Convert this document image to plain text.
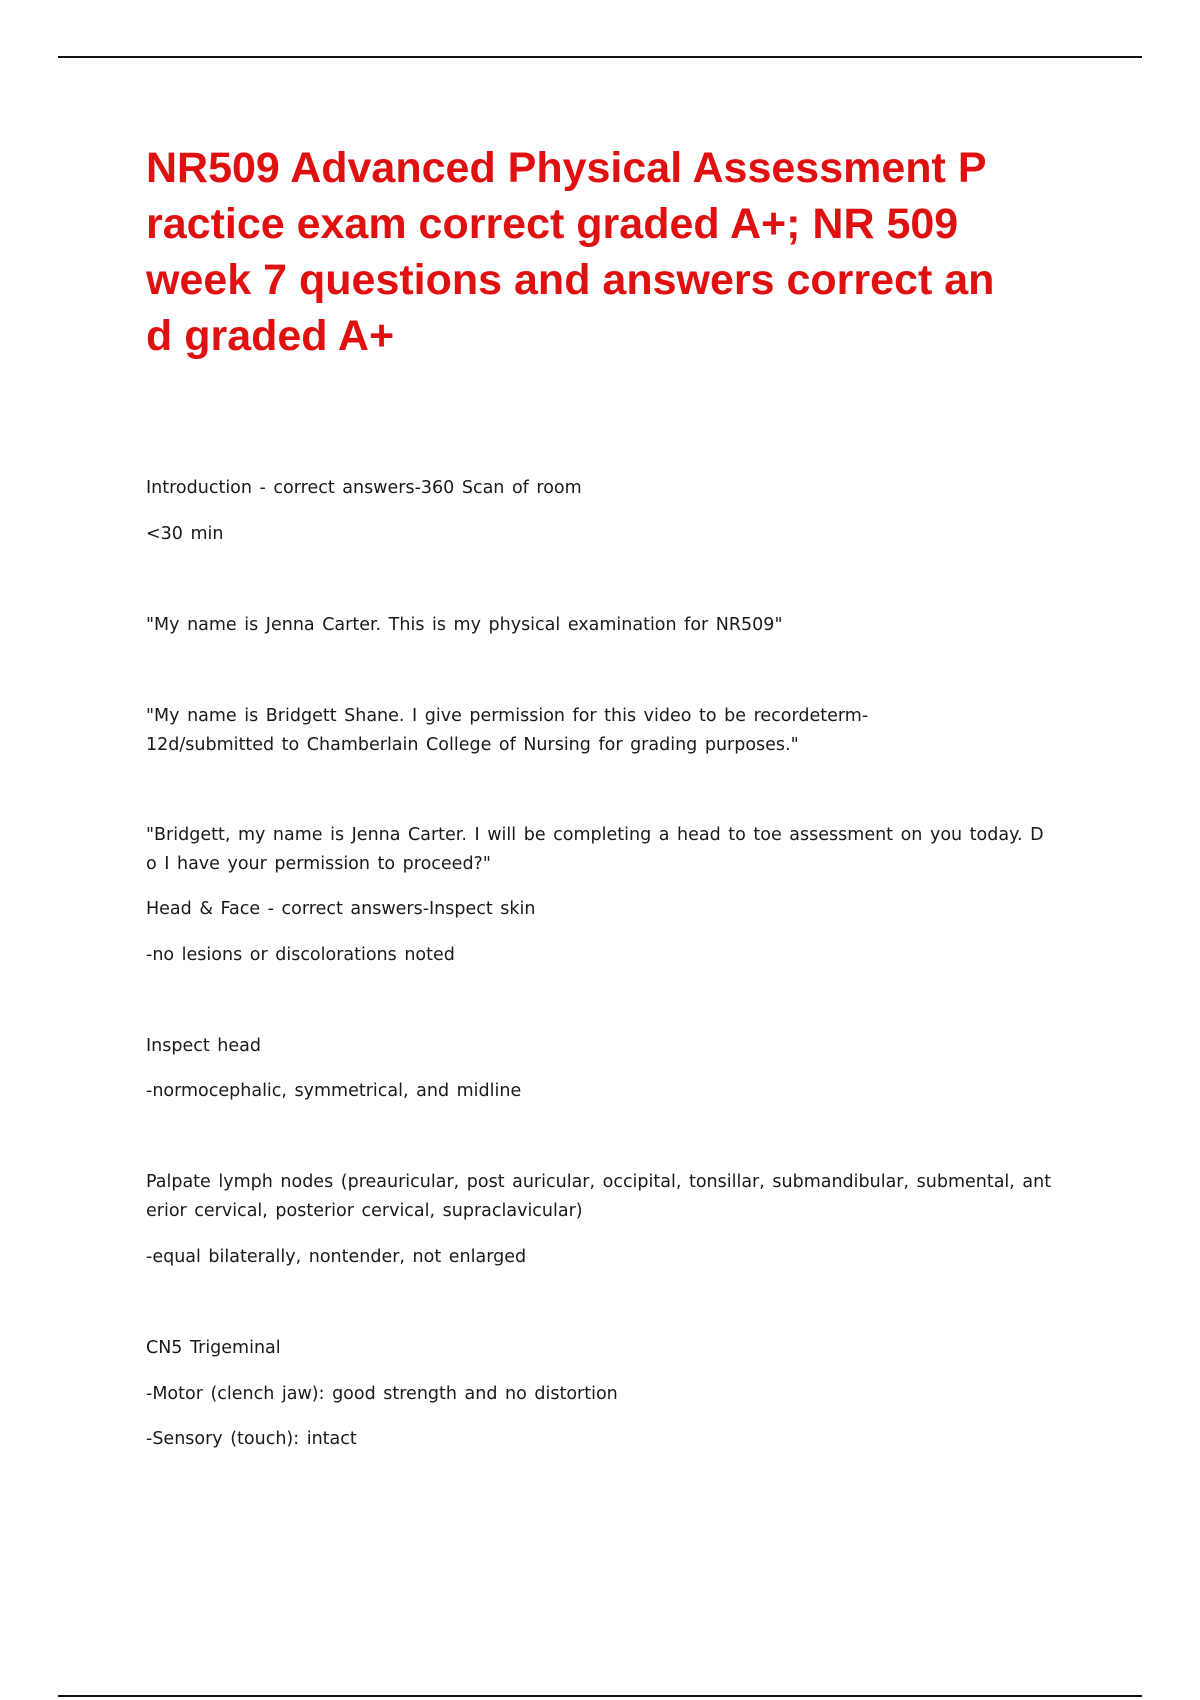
NR509 Advanced Physical Assessment P
ractice exam correct graded A+; NR 509
week 7 questions and answers correct an
d graded A+

Introduction - correct answers-360 Scan of room

<30 min

"My name is Jenna Carter. This is my physical examination for NR509"

"My name is Bridgett Shane. I give permission for this video to be recordeterm-
12d/submitted to Chamberlain College of Nursing for grading purposes."

"Bridgett, my name is Jenna Carter. I will be completing a head to toe assessment on you today. D
o I have your permission to proceed?"

Head & Face - correct answers-Inspect skin

-no lesions or discolorations noted

Inspect head

-normocephalic, symmetrical, and midline

Palpate lymph nodes (preauricular, post auricular, occipital, tonsillar, submandibular, submental, ant
erior cervical, posterior cervical, supraclavicular)

-equal bilaterally, nontender, not enlarged

CN5 Trigeminal

-Motor (clench jaw): good strength and no distortion

-Sensory (touch): intact
